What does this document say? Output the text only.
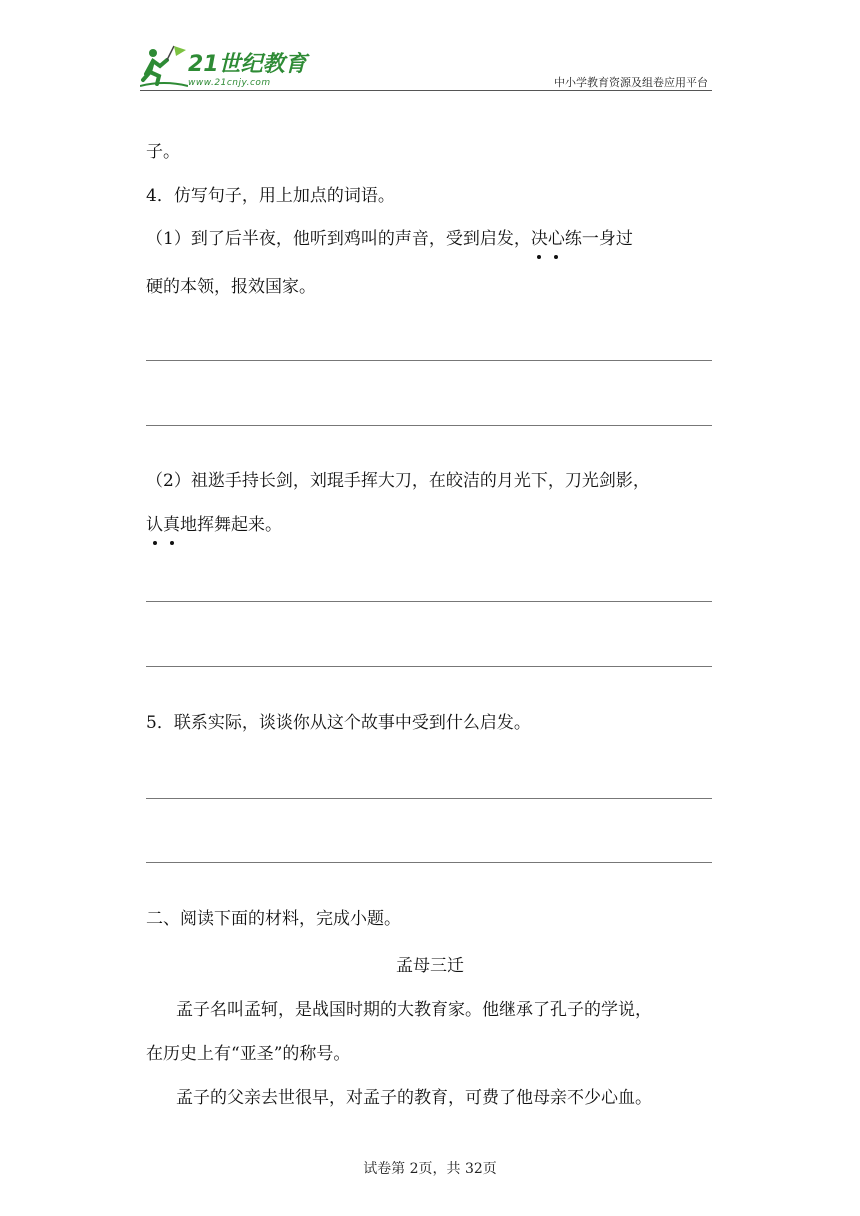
21世纪教育
www.21cnjy.com	中小学教育资源及组卷应用平台
子。
4．仿写句子，用上加点的词语。
（1）到了后半夜，他听到鸡叫的声音，受到启发，决心练一身过
硬的本领，报效国家。
（2）祖逖手持长剑，刘琨手挥大刀，在皎洁的月光下，刀光剑影，
认真地挥舞起来。
5．联系实际，谈谈你从这个故事中受到什么启发。
二、阅读下面的材料，完成小题。
孟母三迁
孟子名叫孟轲，是战国时期的大教育家。他继承了孔子的学说，
在历史上有“亚圣”的称号。
孟子的父亲去世很早，对孟子的教育，可费了他母亲不少心血。
试卷第 2页，共 32页
